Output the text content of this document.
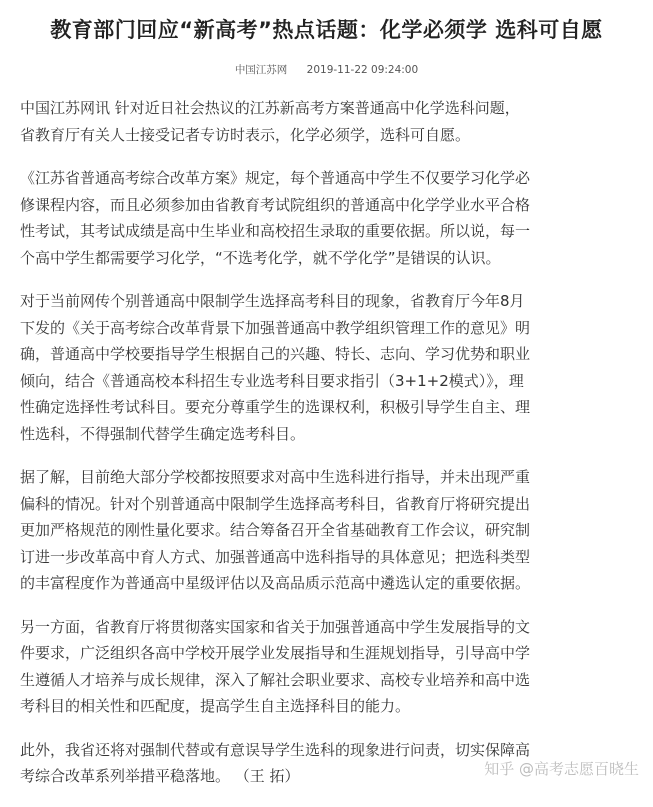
教育部门回应“新高考”热点话题：化学必须学 选科可自愿
中国江苏网 2019-11-22 09:24:00

中国江苏网讯 针对近日社会热议的江苏新高考方案普通高中化学选科问题，
省教育厅有关人士接受记者专访时表示，化学必须学，选科可自愿。

《江苏省普通高考综合改革方案》规定，每个普通高中学生不仅要学习化学必
修课程内容，而且必须参加由省教育考试院组织的普通高中化学学业水平合格
性考试，其考试成绩是高中生毕业和高校招生录取的重要依据。所以说，每一
个高中学生都需要学习化学，“不选考化学，就不学化学”是错误的认识。

对于当前网传个别普通高中限制学生选择高考科目的现象，省教育厅今年8月
下发的《关于高考综合改革背景下加强普通高中教学组织管理工作的意见》明
确，普通高中学校要指导学生根据自己的兴趣、特长、志向、学习优势和职业
倾向，结合《普通高校本科招生专业选考科目要求指引（3+1+2模式）》，理
性确定选择性考试科目。要充分尊重学生的选课权利，积极引导学生自主、理
性选科，不得强制代替学生确定选考科目。

据了解，目前绝大部分学校都按照要求对高中生选科进行指导，并未出现严重
偏科的情况。针对个别普通高中限制学生选择高考科目，省教育厅将研究提出
更加严格规范的刚性量化要求。结合筹备召开全省基础教育工作会议，研究制
订进一步改革高中育人方式、加强普通高中选科指导的具体意见；把选科类型
的丰富程度作为普通高中星级评估以及高品质示范高中遴选认定的重要依据。

另一方面，省教育厅将贯彻落实国家和省关于加强普通高中学生发展指导的文
件要求，广泛组织各高中学校开展学业发展指导和生涯规划指导，引导高中学
生遵循人才培养与成长规律，深入了解社会职业要求、高校专业培养和高中选
考科目的相关性和匹配度，提高学生自主选择科目的能力。

此外，我省还将对强制代替或有意误导学生选科的现象进行问责，切实保障高
考综合改革系列举措平稳落地。 （王 拓）	知乎 @高考志愿百晓生
